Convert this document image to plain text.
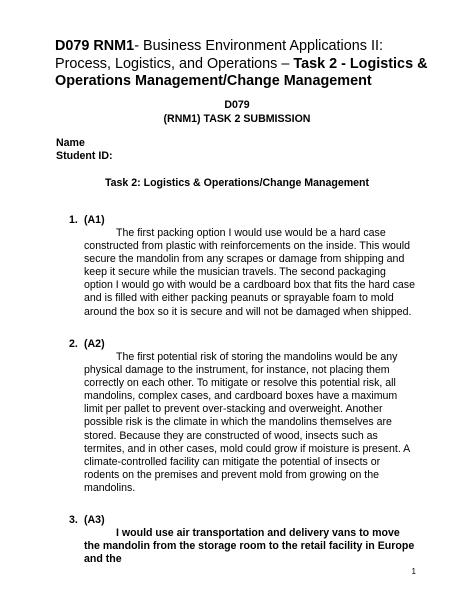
D079 RNM1- Business Environment Applications II: Process, Logistics, and Operations – Task 2 - Logistics & Operations Management/Change Management

D079

(RNM1) TASK 2 SUBMISSION

Name

Student ID:

Task 2: Logistics & Operations/Change Management

1. (A1)

The first packing option I would use would be a hard case constructed from plastic with reinforcements on the inside. This would secure the mandolin from any scrapes or damage from shipping and keep it secure while the musician travels. The second packaging option I would go with would be a cardboard box that fits the hard case and is filled with either packing peanuts or sprayable foam to mold around the box so it is secure and will not be damaged when shipped.

2. (A2)

The first potential risk of storing the mandolins would be any physical damage to the instrument, for instance, not placing them correctly on each other. To mitigate or resolve this potential risk, all mandolins, complex cases, and cardboard boxes have a maximum limit per pallet to prevent over-stacking and overweight. Another possible risk is the climate in which the mandolins themselves are stored. Because they are constructed of wood, insects such as termites, and in other cases, mold could grow if moisture is present. A climate-controlled facility can mitigate the potential of insects or rodents on the premises and prevent mold from growing on the mandolins.

3. (A3)

I would use air transportation and delivery vans to move the mandolin from the storage room to the retail facility in Europe and the

1
